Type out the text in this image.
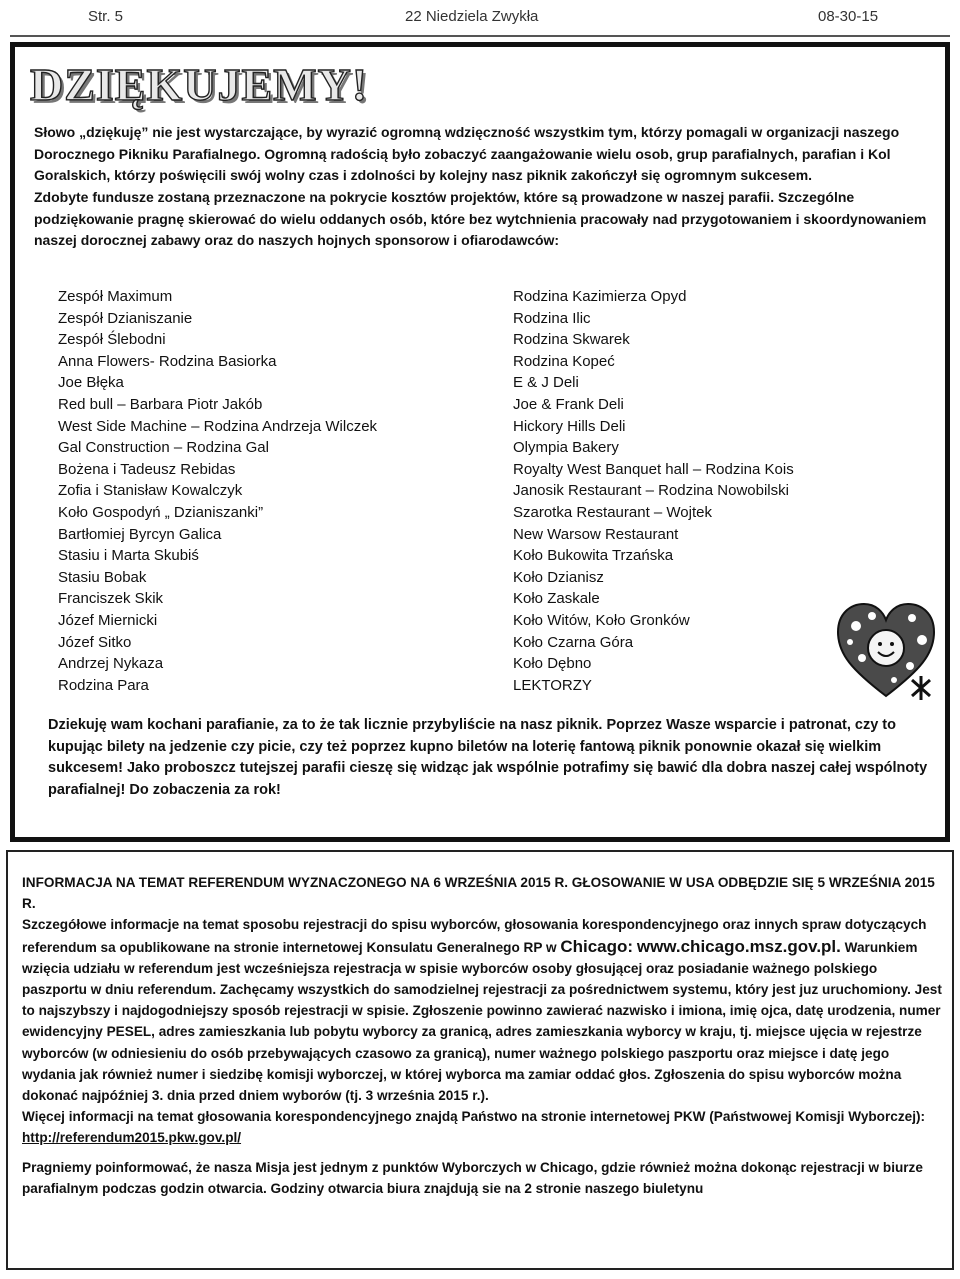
Str. 5	22 Niedziela Zwykła	08-30-15
DZIĘKUJEMY!
Słowo „dziękuję” nie jest wystarczające, by wyrazić ogromną wdzięczność wszystkim tym, którzy pomagali w organizacji naszego Dorocznego Pikniku Parafialnego. Ogromną radością było zobaczyć zaangażowanie wielu osob, grup parafialnych, parafian i Kol Goralskich, którzy poświęcili swój wolny czas i zdolności by kolejny nasz piknik zakończył się ogromnym sukcesem.
Zdobyte fundusze zostaną przeznaczone na pokrycie kosztów projektów, które są prowadzone w naszej parafii. Szczególne podziękowanie pragnę skierować do wielu oddanych osób, które bez wytchnienia pracowały nad przygotowaniem i skoordynowaniem naszej dorocznej zabawy oraz do naszych hojnych sponsorow i ofiarodawców:
Zespół Maximum
Zespół Dzianiszanie
Zespół Ślebodni
Anna Flowers- Rodzina Basiorka
Joe Błęka
Red bull – Barbara Piotr Jakób
West Side Machine – Rodzina Andrzeja Wilczek
Gal Construction – Rodzina Gal
Bożena i Tadeusz Rebidas
Zofia i Stanisław Kowalczyk
Koło Gospodyń „ Dzianiszanki”
Bartłomiej Byrcyn Galica
Stasiu i Marta Skubiś
Stasiu Bobak
Franciszek Skik
Józef Miernicki
Józef Sitko
Andrzej Nykaza
Rodzina Para
Rodzina Kazimierza Opyd
Rodzina Ilic
Rodzina Skwarek
Rodzina Kopeć
E & J Deli
Joe & Frank Deli
Hickory Hills Deli
Olympia Bakery
Royalty West Banquet hall – Rodzina Kois
Janosik Restaurant – Rodzina Nowobilski
Szarotka Restaurant – Wojtek
New Warsow Restaurant
Koło Bukowita Trzańska
Koło Dzianisz
Koło Zaskale
Koło Witów, Koło Gronków
Koło Czarna Góra
Koło Dębno
LEKTORZY
Dziekuję wam kochani parafianie, za to że tak licznie przybyliście na nasz piknik. Poprzez Wasze wsparcie i patronat, czy to kupując bilety na jedzenie czy picie, czy też poprzez kupno biletów na loterię fantową piknik ponownie okazał się wielkim sukcesem! Jako proboszcz tutejszej parafii cieszę się widząc jak wspólnie potrafimy się bawić dla dobra naszej całej wspólnoty parafialnej! Do zobaczenia za rok!

INFORMACJA NA TEMAT REFERENDUM WYZNACZONEGO NA 6 WRZEŚNIA 2015 R. GŁOSOWANIE W USA ODBĘDZIE SIĘ 5 WRZEŚNIA 2015 R.

Szczegółowe informacje na temat sposobu rejestracji do spisu wyborców, głosowania korespondencyjnego oraz innych spraw dotyczących referendum sa opublikowane na stronie internetowej Konsulatu Generalnego RP w Chicago: www.chicago.msz.gov.pl. Warunkiem wzięcia udziału w referendum jest wcześniejsza rejestracja w spisie wyborców osoby głosującej oraz posiadanie ważnego polskiego paszportu w dniu referendum. Zachęcamy wszystkich do samodzielnej rejestracji za pośrednictwem systemu, który jest juz uruchomiony. Jest to najszybszy i najdogodniejszy sposób rejestracji w spisie. Zgłoszenie powinno zawierać nazwisko i imiona, imię ojca, datę urodzenia, numer ewidencyjny PESEL, adres zamieszkania lub pobytu wyborcy za granicą, adres zamieszkania wyborcy w kraju, tj. miejsce ujęcia w rejestrze wyborców (w odniesieniu do osób przebywających czasowo za granicą), numer ważnego polskiego paszportu oraz miejsce i datę jego wydania jak również numer i siedzibę komisji wyborczej, w której wyborca ma zamiar oddać głos. Zgłoszenia do spisu wyborców można dokonać najpóźniej 3. dnia przed dniem wyborów (tj. 3 września 2015 r.).

Więcej informacji na temat głosowania korespondencyjnego znajdą Państwo na stronie internetowej PKW (Państwowej Komisji Wyborczej): http://referendum2015.pkw.gov.pl/

Pragniemy poinformować, że nasza Misja jest jednym z punktów Wyborczych w Chicago, gdzie również można dokonąc rejestracji w biurze parafialnym podczas godzin otwarcia. Godziny otwarcia biura znajdują sie na 2 stronie naszego biuletynu
